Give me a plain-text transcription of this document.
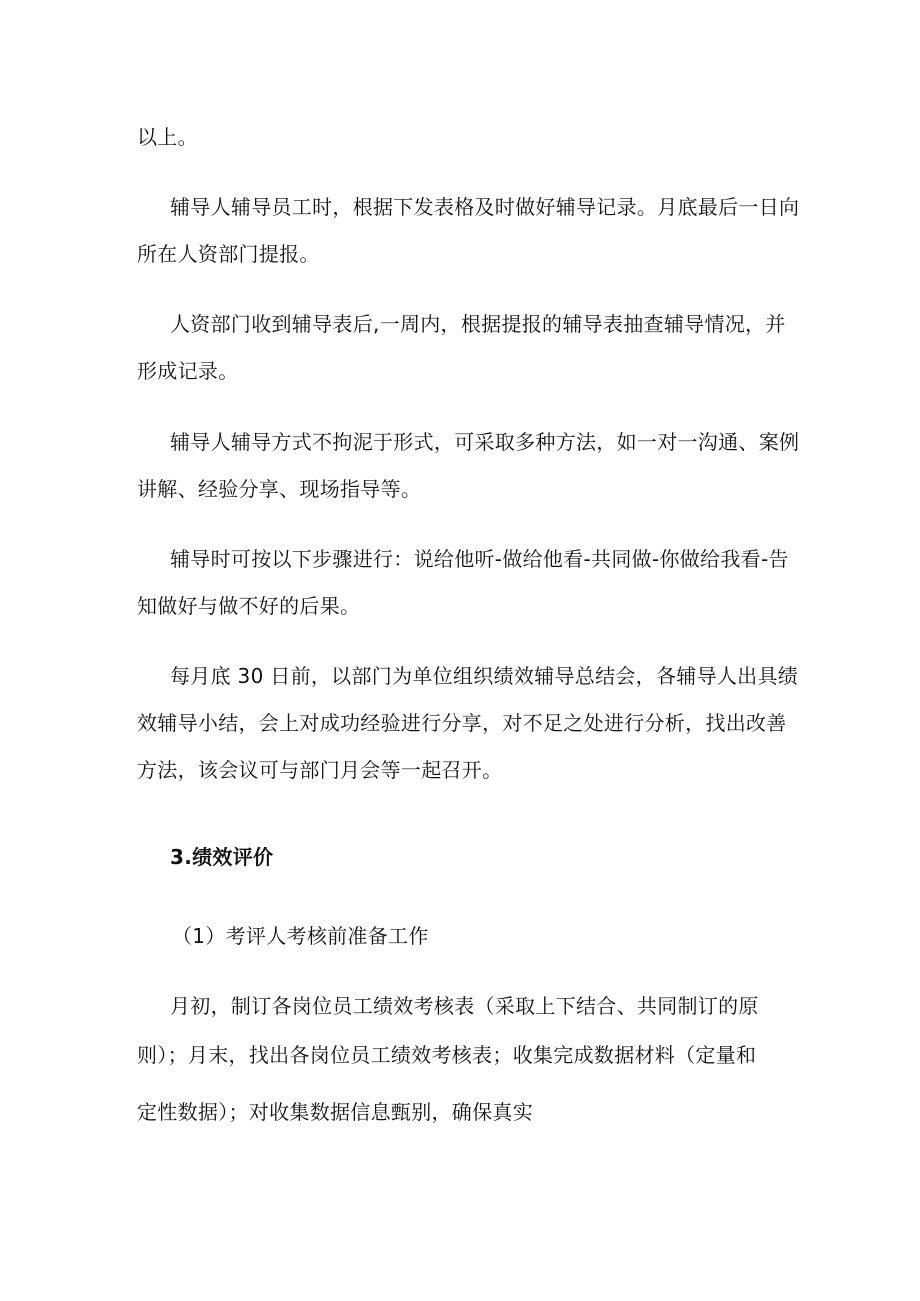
以上。
辅导人辅导员工时，根据下发表格及时做好辅导记录。月底最后一日向
所在人资部门提报。
人资部门收到辅导表后,一周内，根据提报的辅导表抽查辅导情况，并
形成记录。
辅导人辅导方式不拘泥于形式，可采取多种方法，如一对一沟通、案例
讲解、经验分享、现场指导等。
辅导时可按以下步骤进行：说给他听-做给他看-共同做-你做给我看-告
知做好与做不好的后果。
每月底 30 日前，以部门为单位组织绩效辅导总结会，各辅导人出具绩
效辅导小结，会上对成功经验进行分享，对不足之处进行分析，找出改善
方法，该会议可与部门月会等一起召开。
3.绩效评价
（1）考评人考核前准备工作
月初，制订各岗位员工绩效考核表（采取上下结合、共同制订的原
则）；月末，找出各岗位员工绩效考核表；收集完成数据材料（定量和
定性数据）；对收集数据信息甄别，确保真实
